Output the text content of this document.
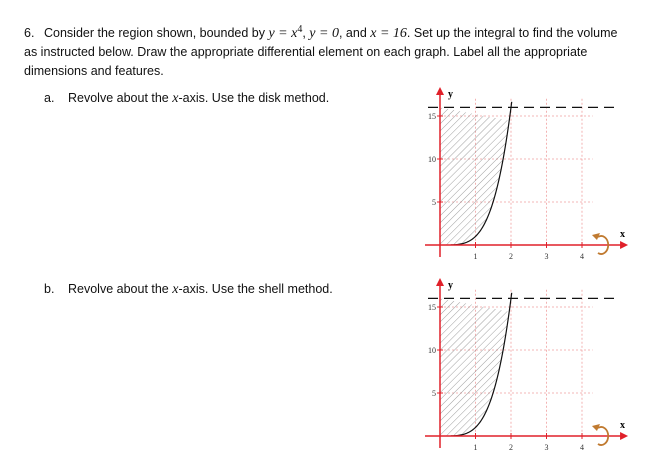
6. Consider the region shown, bounded by $y = x^4$, y = 0, and x = 16. Set up the integral to find the volume as instructed below. Draw the appropriate differential element on each graph. Label all the appropriate dimensions and features.
a. Revolve about the x-axis. Use the disk method.
b. Revolve about the x-axis. Use the shell method.
1	2	3	4
5
10
15
x
y
1	2	3	4
5
10
15
x
y
